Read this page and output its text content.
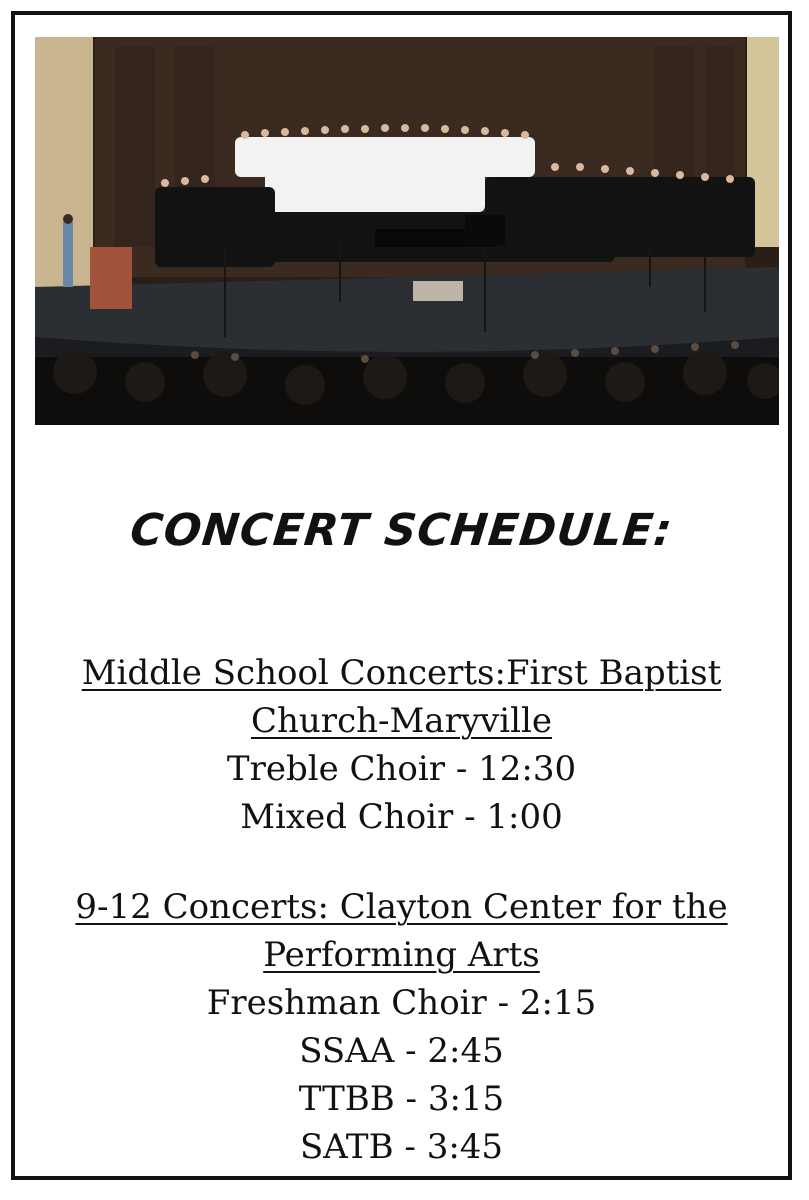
CONCERT SCHEDULE:
Middle School Concerts:First Baptist
Church-Maryville
Treble Choir - 12:30
Mixed Choir - 1:00
9-12 Concerts: Clayton Center for the
Performing Arts
Freshman Choir - 2:15
SSAA - 2:45
TTBB - 3:15
SATB - 3:45
